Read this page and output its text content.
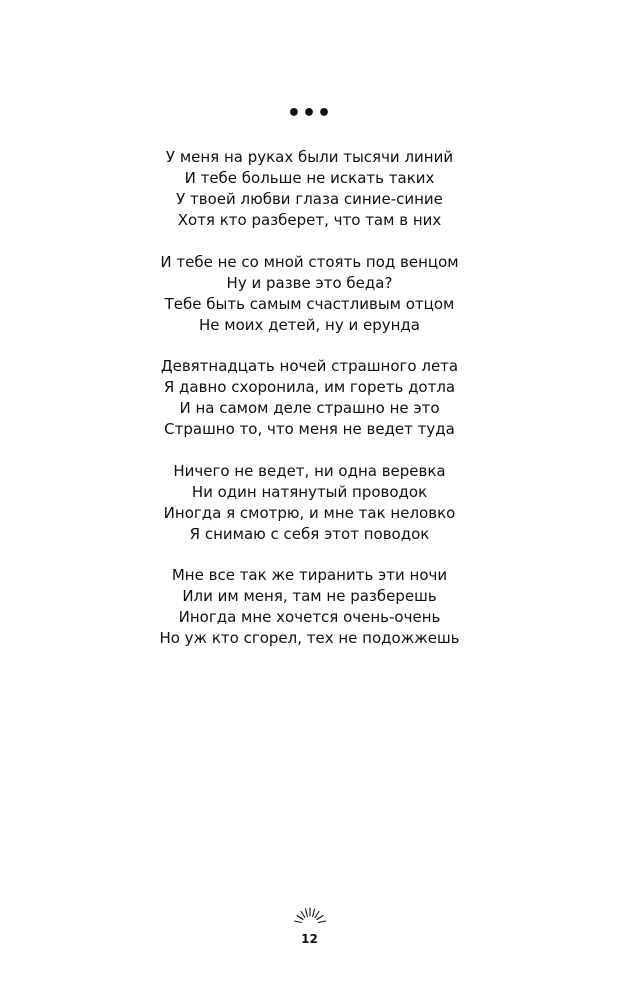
•••
У меня на руках были тысячи линий
И тебе больше не искать таких
У твоей любви глаза синие-синие
Хотя кто разберет, что там в них
И тебе не со мной стоять под венцом
Ну и разве это беда?
Тебе быть самым счастливым отцом
Не моих детей, ну и ерунда
Девятнадцать ночей страшного лета
Я давно схоронила, им гореть дотла
И на самом деле страшно не это
Страшно то, что меня не ведет туда
Ничего не ведет, ни одна веревка
Ни один натянутый проводок
Иногда я смотрю, и мне так неловко
Я снимаю с себя этот поводок
Мне все так же тиранить эти ночи
Или им меня, там не разберешь
Иногда мне хочется очень-очень
Но уж кто сгорел, тех не подожжешь
12
